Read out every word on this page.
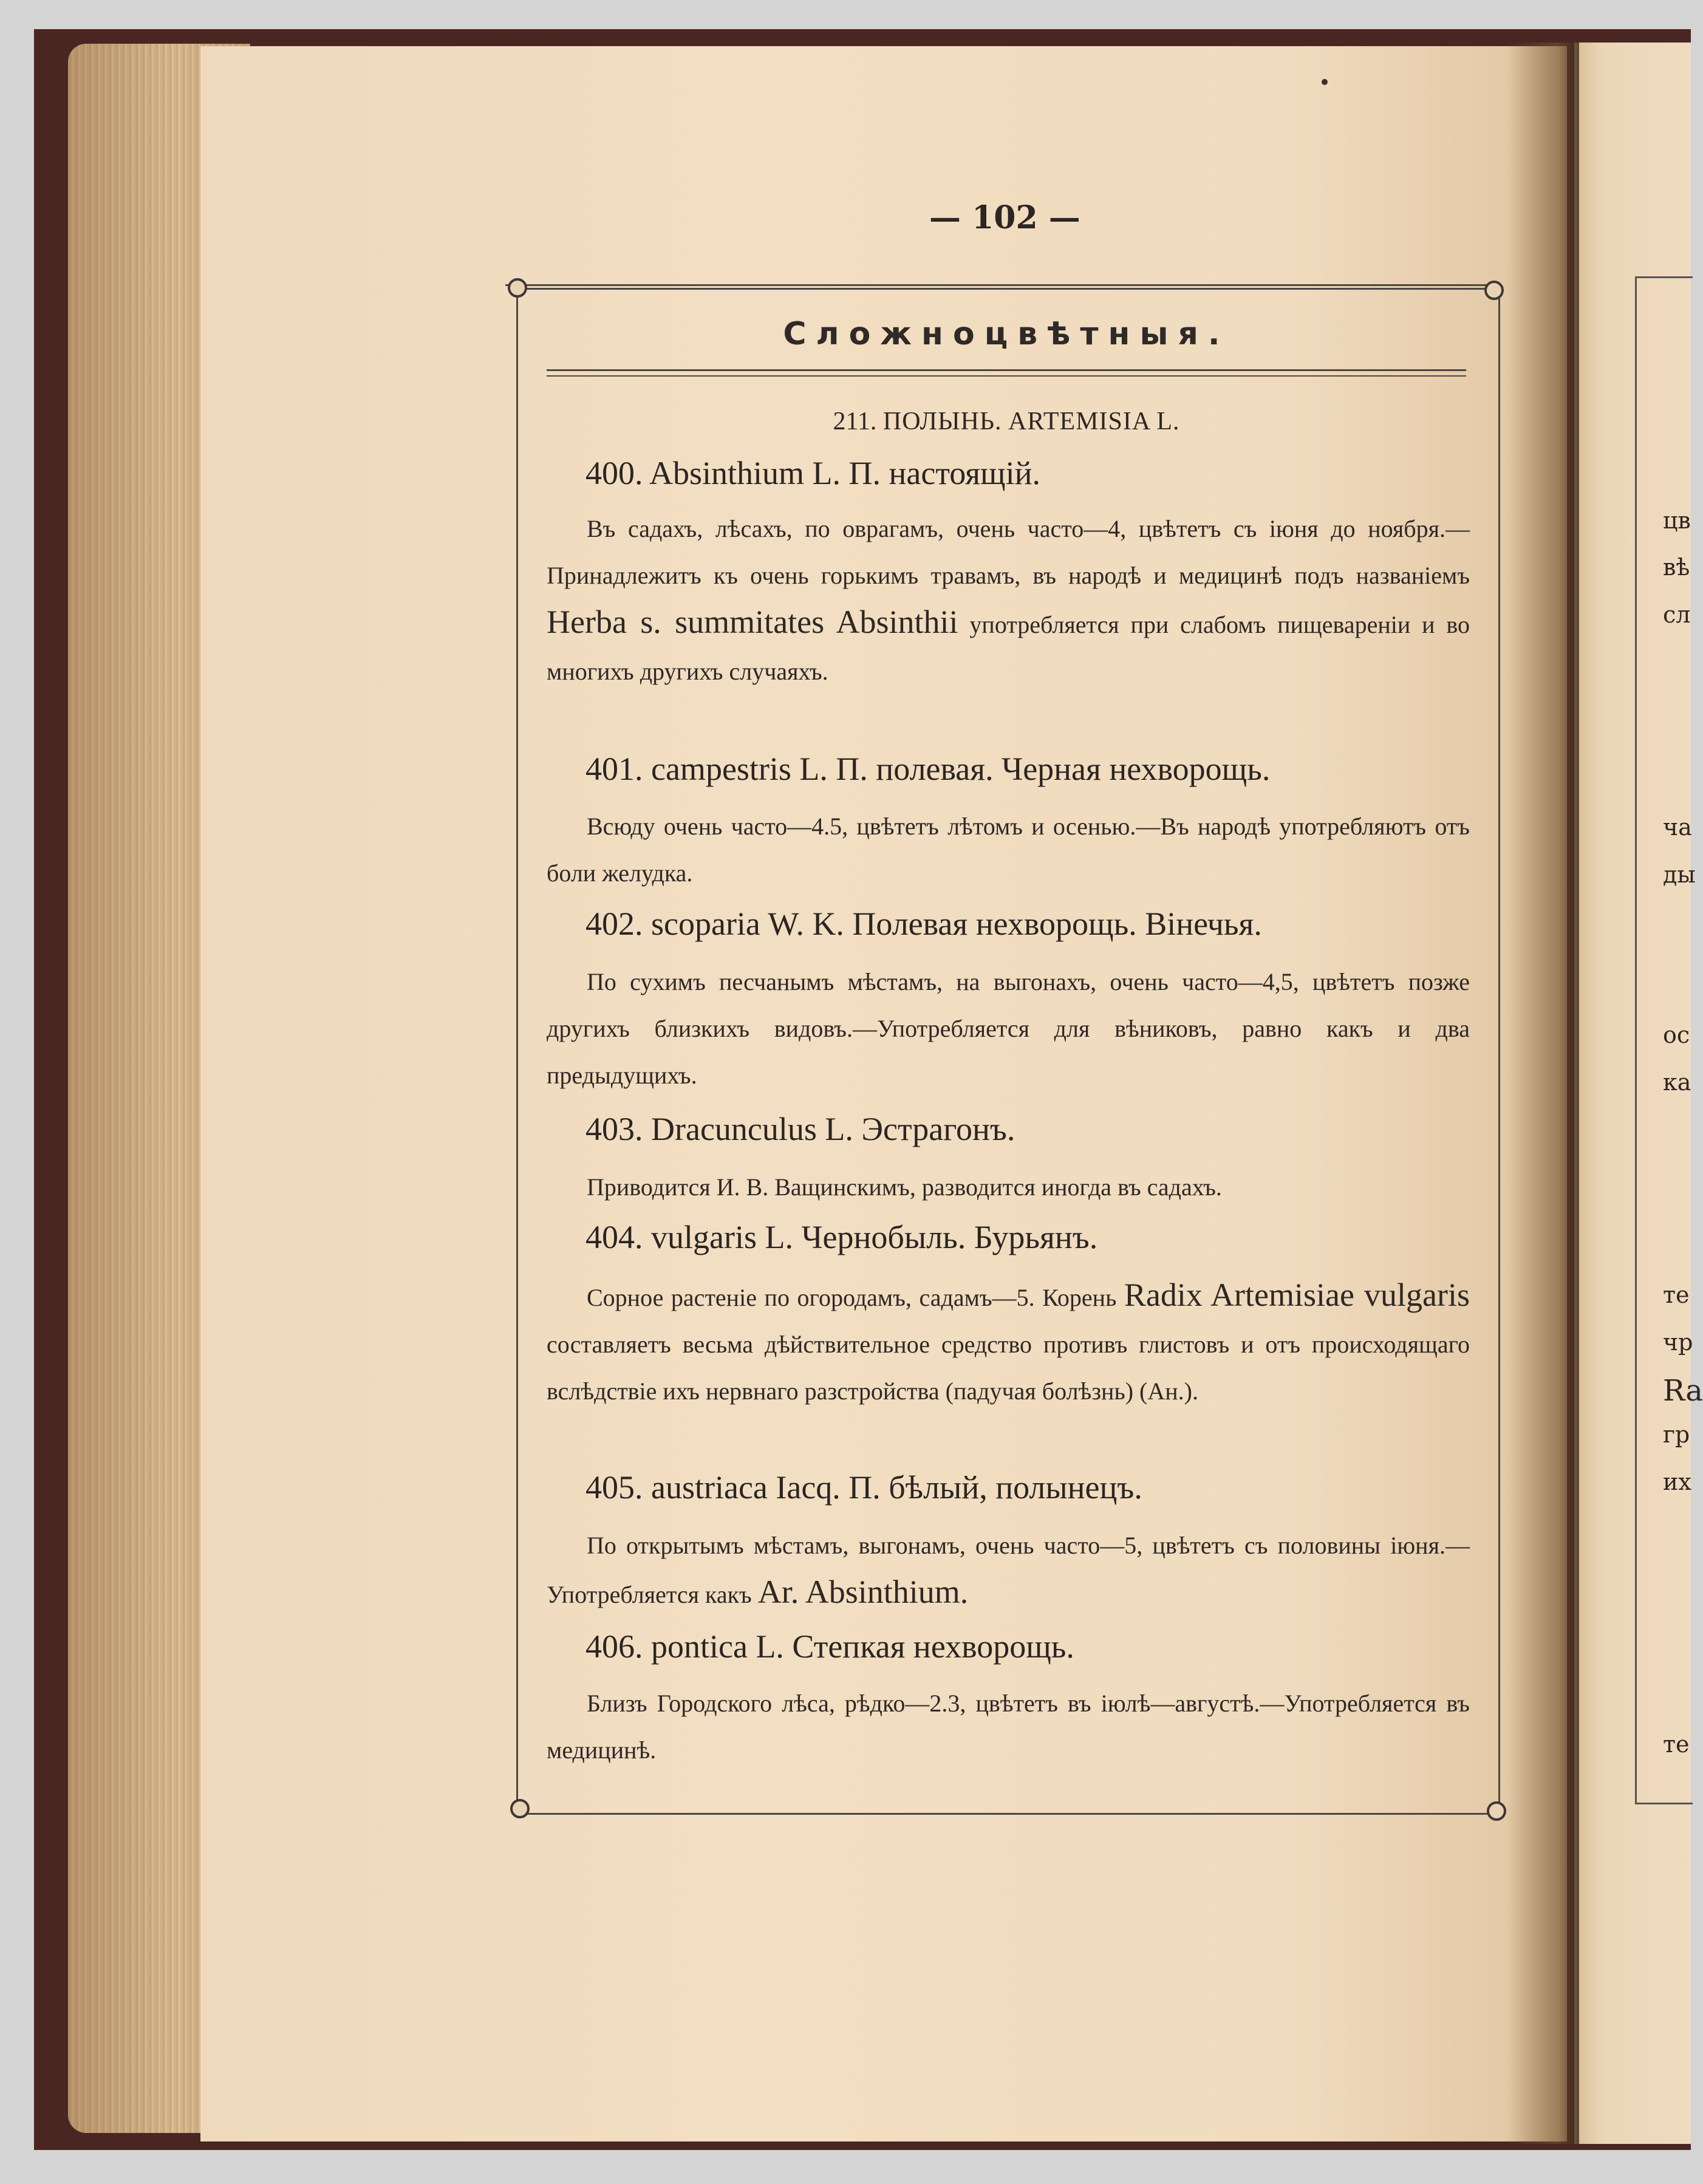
— 102 —
Сложноцвѣтныя.
211. ПОЛЫНЬ. ARTEMISIA L.
400. Absinthium L. П. настоящій.
Въ садахъ, лѣсахъ, по оврагамъ, очень часто—4, цвѣтетъ съ іюня до ноября.—Принадлежитъ къ очень горькимъ травамъ, въ народѣ и медицинѣ подъ названіемъ Herba s. summitates Absinthii употребляется при слабомъ пищевареніи и во многихъ другихъ случаяхъ.
401. campestris L. П. полевая. Черная нехворощь.
Всюду очень часто—4.5, цвѣтетъ лѣтомъ и осенью.—Въ народѣ употребляютъ отъ боли желудка.
402. scoparia W. K. Полевая нехворощь. Вінечья.
По сухимъ песчанымъ мѣстамъ, на выгонахъ, очень часто—4,5, цвѣтетъ позже другихъ близкихъ видовъ.—Употребляется для вѣниковъ, равно какъ и два предыдущихъ.
403. Dracunculus L. Эстрагонъ.
Приводится И. В. Ващинскимъ, разводится иногда въ садахъ.
404. vulgaris L. Чернобыль. Бурьянъ.
Сорное растеніе по огородамъ, садамъ—5. Корень Radix Artemisiae vulgaris составляетъ весьма дѣйствительное средство противъ глистовъ и отъ происходящаго вслѣдствіе ихъ нервнаго разстройства (падучая болѣзнь) (Ан.).
405. austriaca Iacq. П. бѣлый, полынецъ.
По открытымъ мѣстамъ, выгонамъ, очень часто—5, цвѣтетъ съ половины іюня.—Употребляется какъ Ar. Absinthium.
406. pontica L. Степкая нехворощь.
Близъ Городского лѣса, рѣдко—2.3, цвѣтетъ въ іюлѣ—августѣ.—Употребляется въ медицинѣ.
цв
вѣ
сл
ча
ды
ос
ка
те
чр
Ra
гр
их
те
